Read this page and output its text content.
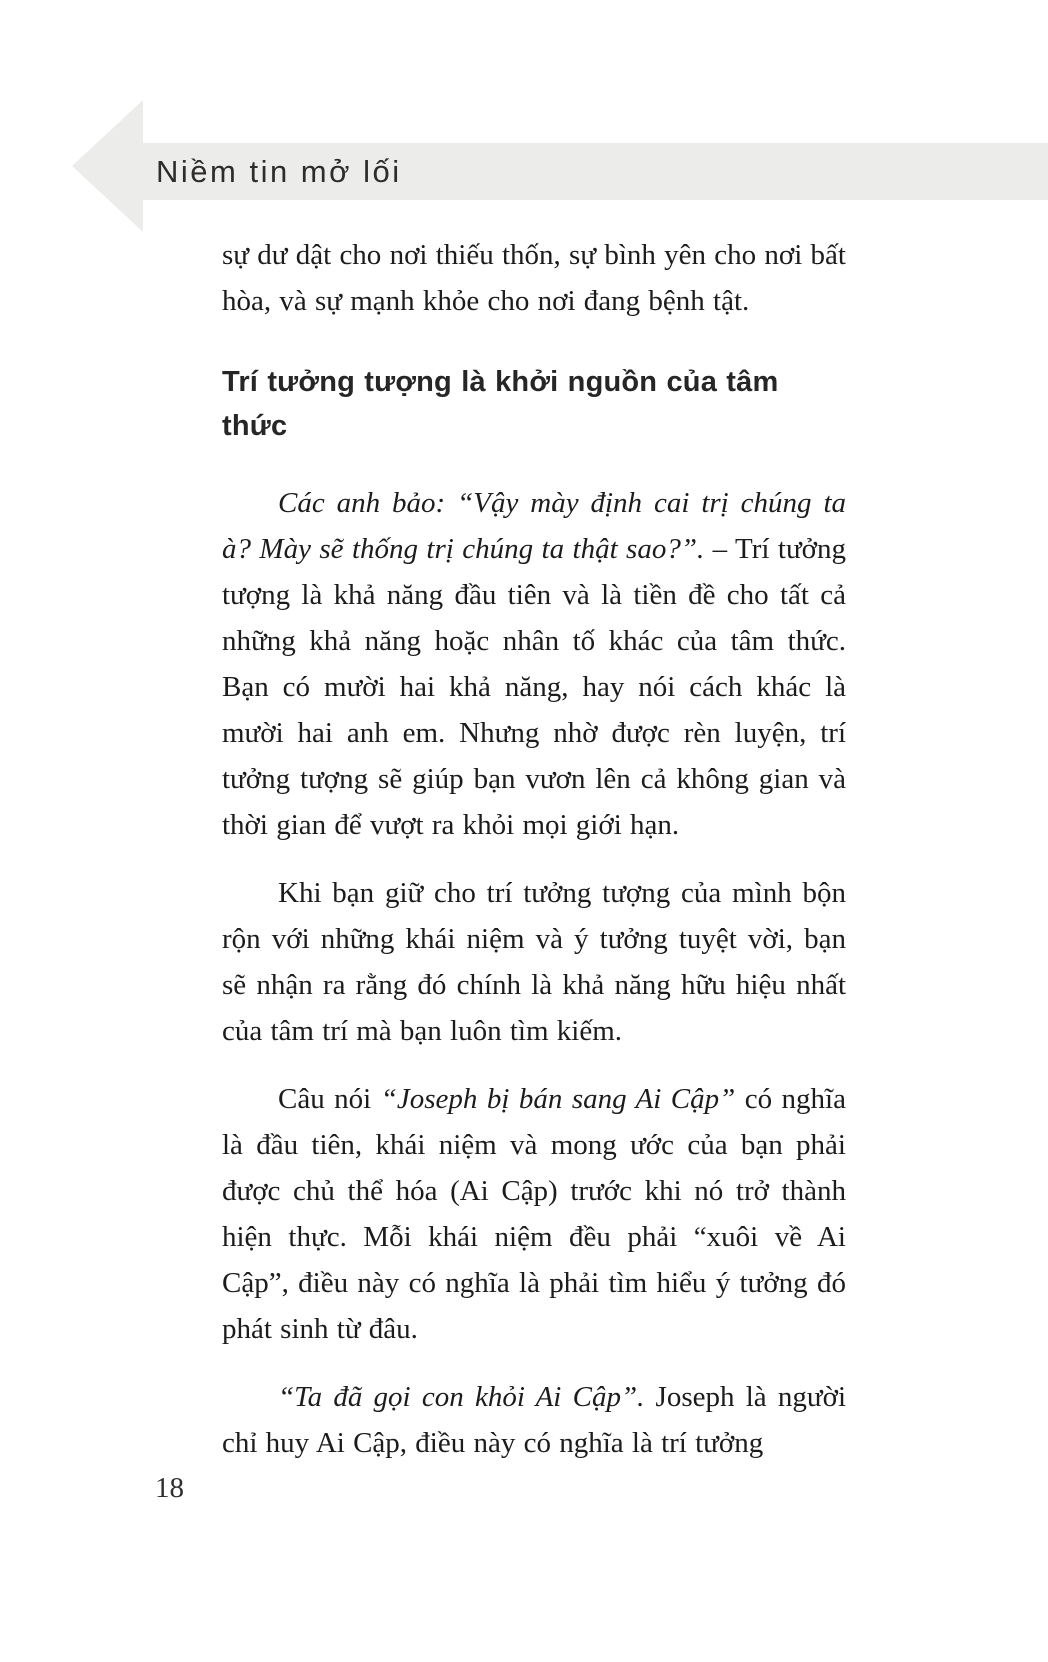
Niềm tin mở lối

sự dư dật cho nơi thiếu thốn, sự bình yên cho nơi bất hòa, và sự mạnh khỏe cho nơi đang bệnh tật.

Trí tưởng tượng là khởi nguồn của tâm thức

Các anh bảo: “Vậy mày định cai trị chúng ta à? Mày sẽ thống trị chúng ta thật sao?”. – Trí tưởng tượng là khả năng đầu tiên và là tiền đề cho tất cả những khả năng hoặc nhân tố khác của tâm thức. Bạn có mười hai khả năng, hay nói cách khác là mười hai anh em. Nhưng nhờ được rèn luyện, trí tưởng tượng sẽ giúp bạn vươn lên cả không gian và thời gian để vượt ra khỏi mọi giới hạn.

Khi bạn giữ cho trí tưởng tượng của mình bộn rộn với những khái niệm và ý tưởng tuyệt vời, bạn sẽ nhận ra rằng đó chính là khả năng hữu hiệu nhất của tâm trí mà bạn luôn tìm kiếm.

Câu nói “Joseph bị bán sang Ai Cập” có nghĩa là đầu tiên, khái niệm và mong ước của bạn phải được chủ thể hóa (Ai Cập) trước khi nó trở thành hiện thực. Mỗi khái niệm đều phải “xuôi về Ai Cập”, điều này có nghĩa là phải tìm hiểu ý tưởng đó phát sinh từ đâu.

“Ta đã gọi con khỏi Ai Cập”. Joseph là người chỉ huy Ai Cập, điều này có nghĩa là trí tưởng

18
